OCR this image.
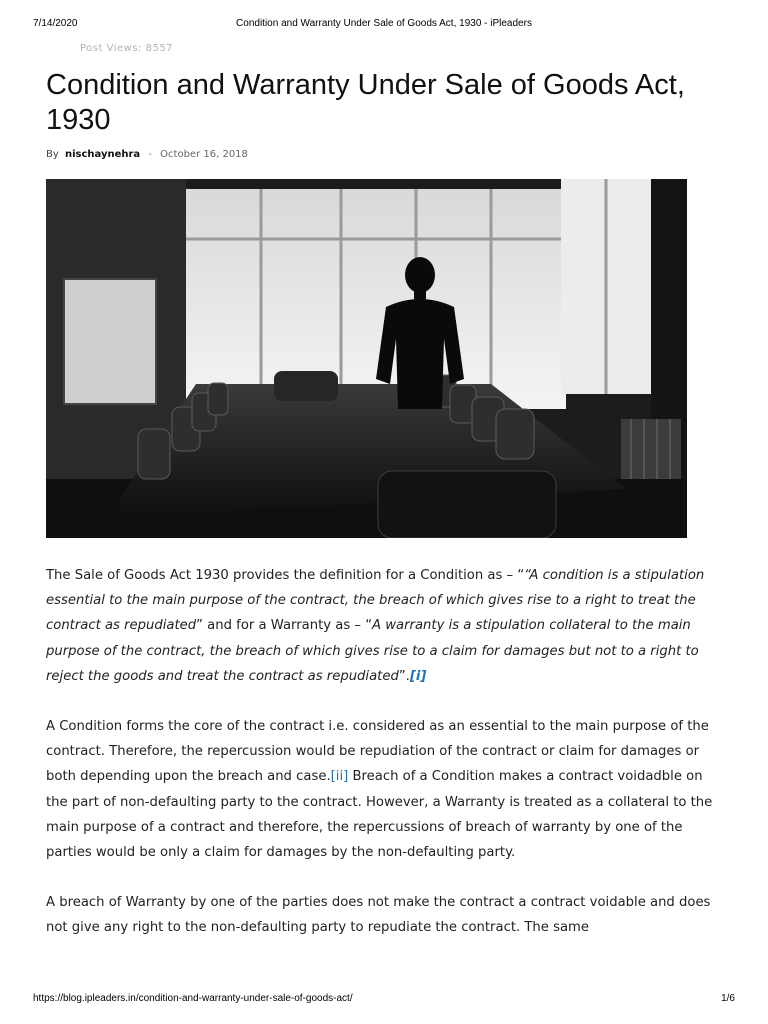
7/14/2020	Condition and Warranty Under Sale of Goods Act, 1930 - iPleaders
Post Views: 8557
Condition and Warranty Under Sale of Goods Act, 1930
By nischaynehra - October 16, 2018

The Sale of Goods Act 1930 provides the definition for a Condition as – ““A condition is a stipulation essential to the main purpose of the contract, the breach of which gives rise to a right to treat the contract as repudiated” and for a Warranty as – “A warranty is a stipulation collateral to the main purpose of the contract, the breach of which gives rise to a claim for damages but not to a right to reject the goods and treat the contract as repudiated”.[i]

A Condition forms the core of the contract i.e. considered as an essential to the main purpose of the contract. Therefore, the repercussion would be repudiation of the contract or claim for damages or both depending upon the breach and case.[ii] Breach of a Condition makes a contract voidadble on the part of non-defaulting party to the contract. However, a Warranty is treated as a collateral to the main purpose of a contract and therefore, the repercussions of breach of warranty by one of the parties would be only a claim for damages by the non-defaulting party.

A breach of Warranty by one of the parties does not make the contract a contract voidable and does not give any right to the non-defaulting party to repudiate the contract. The same

https://blog.ipleaders.in/condition-and-warranty-under-sale-of-goods-act/	1/6
